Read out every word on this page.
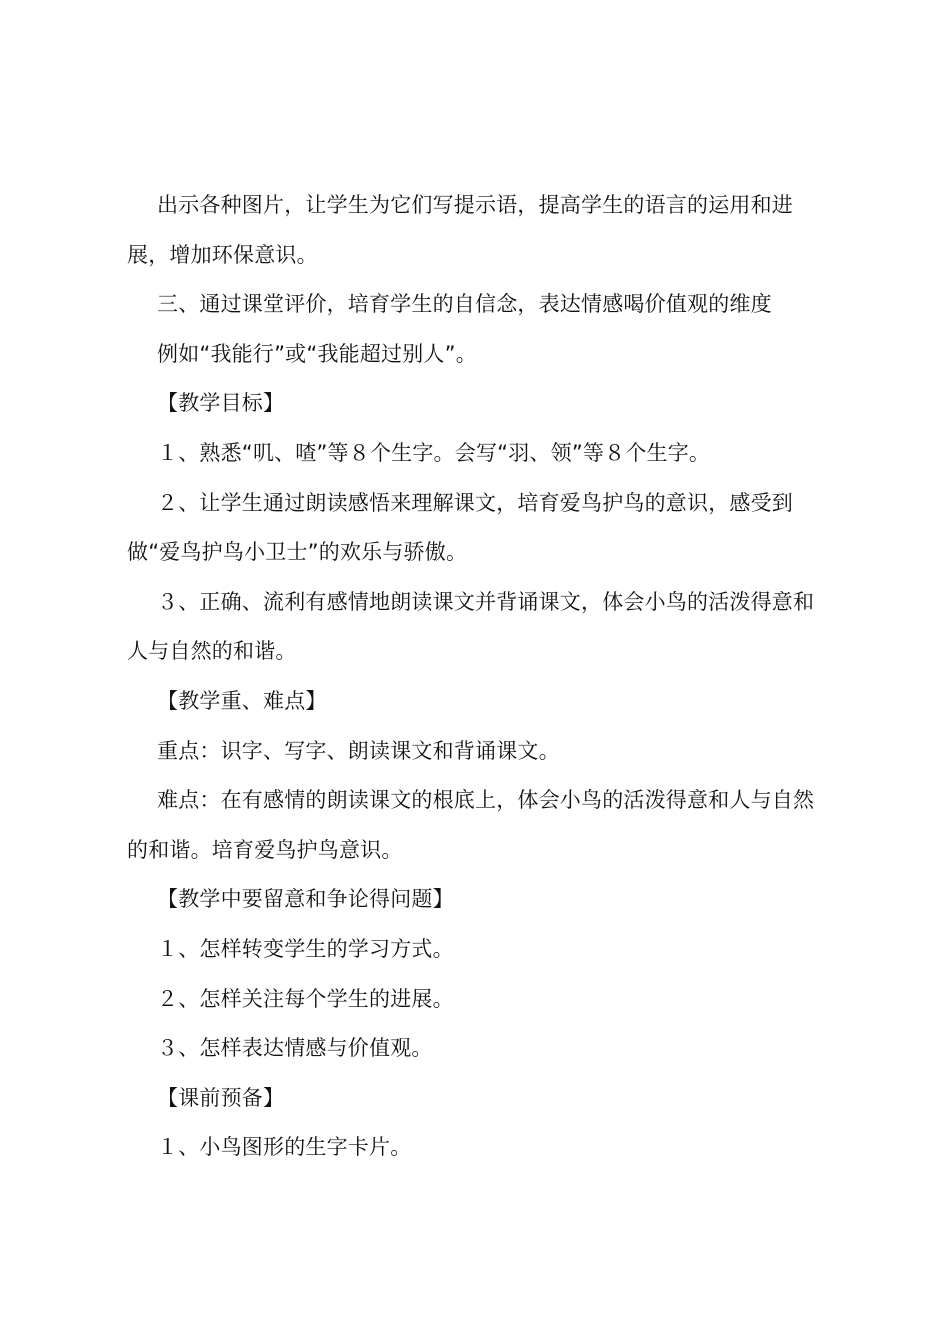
出示各种图片，让学生为它们写提示语，提高学生的语言的运用和进展，增加环保意识。

三、通过课堂评价，培育学生的自信念，表达情感喝价值观的维度

例如“我能行”或“我能超过别人”。

【教学目标】

１、熟悉“叽、喳”等８个生字。会写“羽、领”等８个生字。

２、让学生通过朗读感悟来理解课文，培育爱鸟护鸟的意识，感受到做“爱鸟护鸟小卫士”的欢乐与骄傲。

３、正确、流利有感情地朗读课文并背诵课文，体会小鸟的活泼得意和人与自然的和谐。

【教学重、难点】

重点：识字、写字、朗读课文和背诵课文。

难点：在有感情的朗读课文的根底上，体会小鸟的活泼得意和人与自然的和谐。培育爱鸟护鸟意识。

【教学中要留意和争论得问题】

１、怎样转变学生的学习方式。

２、怎样关注每个学生的进展。

３、怎样表达情感与价值观。

【课前预备】

１、小鸟图形的生字卡片。
